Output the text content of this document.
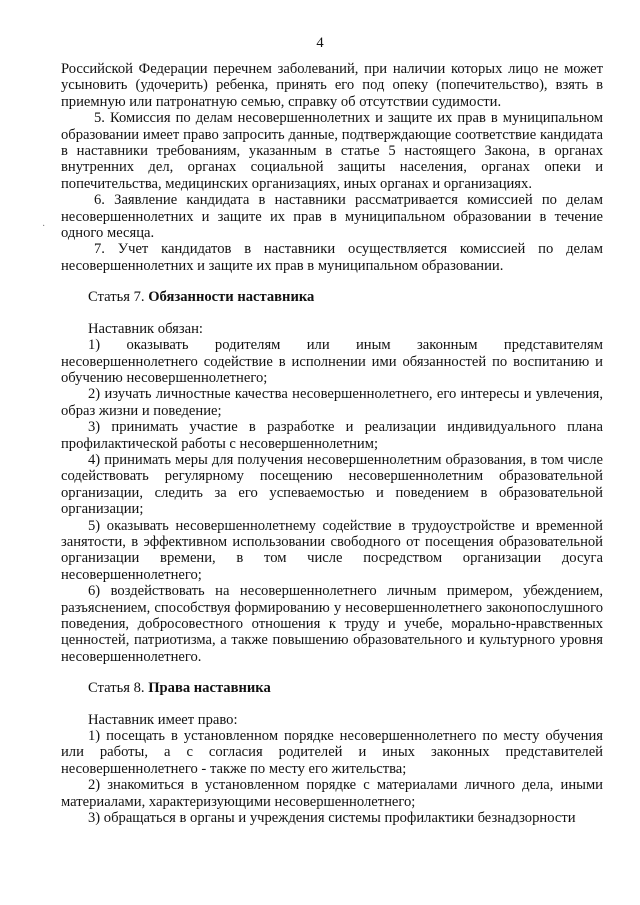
4
·

Российской Федерации перечнем заболеваний, при наличии которых лицо не может усыновить (удочерить) ребенка, принять его под опеку (попечительство), взять в приемную или патронатную семью, справку об отсутствии судимости.

5. Комиссия по делам несовершеннолетних и защите их прав в муниципальном образовании имеет право запросить данные, подтверждающие соответствие кандидата в наставники требованиям, указанным в статье 5 настоящего Закона, в органах внутренних дел, органах социальной защиты населения, органах опеки и попечительства, медицинских организациях, иных органах и организациях.

6. Заявление кандидата в наставники рассматривается комиссией по делам несовершеннолетних и защите их прав в муниципальном образовании в течение одного месяца.

7. Учет кандидатов в наставники осуществляется комиссией по делам несовершеннолетних и защите их прав в муниципальном образовании.

Статья 7. Обязанности наставника

Наставник обязан:

1) оказывать родителям или иным законным представителям несовершеннолетнего содействие в исполнении ими обязанностей по воспитанию и обучению несовершеннолетнего;

2) изучать личностные качества несовершеннолетнего, его интересы и увлечения, образ жизни и поведение;

3) принимать участие в разработке и реализации индивидуального плана профилактической работы с несовершеннолетним;

4) принимать меры для получения несовершеннолетним образования, в том числе содействовать регулярному посещению несовершеннолетним образовательной организации, следить за его успеваемостью и поведением в образовательной организации;

5) оказывать несовершеннолетнему содействие в трудоустройстве и временной занятости, в эффективном использовании свободного от посещения образовательной организации времени, в том числе посредством организации досуга несовершеннолетнего;

6) воздействовать на несовершеннолетнего личным примером, убеждением, разъяснением, способствуя формированию у несовершеннолетнего законопослушного поведения, добросовестного отношения к труду и учебе, морально-нравственных ценностей, патриотизма, а также повышению образовательного и культурного уровня несовершеннолетнего.

Статья 8. Права наставника

Наставник имеет право:

1) посещать в установленном порядке несовершеннолетнего по месту обучения или работы, а с согласия родителей и иных законных представителей несовершеннолетнего - также по месту его жительства;

2) знакомиться в установленном порядке с материалами личного дела, иными материалами, характеризующими несовершеннолетнего;

3) обращаться в органы и учреждения системы профилактики безнадзорности
